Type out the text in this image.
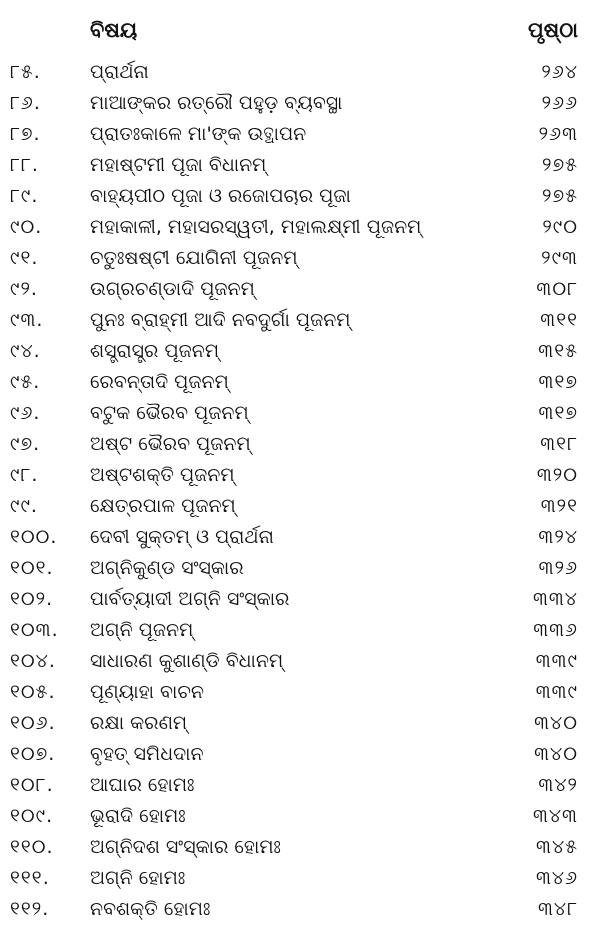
ବିଷୟ	ପୃଷ୍ଠା
୮୫.	ପ୍ରାର୍ଥନା	୨୬୪
୮୬.	ମାଆଙ୍କର ରତ୍ରୌ ପହୁଡ଼ ବ୍ୟବସ୍ଥା	୨୬୬
୮୭.	ପ୍ରାତଃକାଳେ ମା'ଙ୍କ ଉତ୍ଥାପନ	୨୬୩
୮୮.	ମହାଷ୍ଟମୀ ପୂଜା ବିଧାନମ୍	୨୭୫
୮୯.	ବାହ୍ୟପୀଠ ପୂଜା ଓ ରଜୋପଚାର ପୂଜା	୨୭୫
୯୦.	ମହାକାଳୀ, ମହାସରସ୍ୱତୀ, ମହାଲକ୍ଷ୍ମୀ ପୂଜନମ୍	୨୯୦
୯୧.	ଚତୁଃଷଷ୍ଟୀ ଯୋଗିନୀ ପୂଜନମ୍	୨୯୩
୯୨.	ଉଗ୍ରଚଣ୍ଡାଦି ପୂଜନମ୍	୩୦୮
୯୩. ପୁନଃ ବ୍ରାହ୍ମୀ ଆଦି ନବଦୁର୍ଗା ପୂଜନମ୍	୩୧୧
୯୪.	ଶସ୍ତ୍ରାସ୍ତ୍ର ପୂଜନମ୍	୩୧୫
୯୫.	ରେବନ୍ତାଦି ପୂଜନମ୍	୩୧୭
୯୬.	ବଟୁକ ଭୈରବ ପୂଜନମ୍	୩୧୭
୯୭.	ଅଷ୍ଟ ଭୈରବ ପୂଜନମ୍	୩୧୮
୯୮.	ଅଷ୍ଟଶକ୍ତି ପୂଜନମ୍	୩୨୦
୯୯.	କ୍ଷେତ୍ରପାଳ ପୂଜନମ୍	୩୨୧
୧୦୦. ଦେବୀ ସୁକ୍ତମ୍ ଓ ପ୍ରାର୍ଥନା	୩୨୪
୧୦୧. ଅଗ୍ନିକୁଣ୍ଡ ସଂସ୍କାର	୩୨୬
୧୦୨. ପାର୍ବତ୍ୟାଦୀ ଅଗ୍ନି ସଂସ୍କାର	୩୩୪
୧୦୩. ଅଗ୍ନି ପୂଜନମ୍	୩୩୬
୧୦୪. ସାଧାରଣ କୁଶାଣ୍ଡି ବିଧାନମ୍	୩୩୯
୧୦୫. ପୂଣ୍ୟାହା ବାଚନ	୩୩୯
୧୦୬. ରକ୍ଷା କରଣମ୍	୩୪୦
୧୦୭. ବୃହତ୍ ସମିଧଦାନ	୩୪୦
୧୦୮. ଆଘାର ହୋମଃ	୩୪୨
୧୦୯. ଭୂରାଦି ହୋମଃ	୩୪୩
୧୧୦. ଅଗ୍ନିଦଶ ସଂସ୍କାର ହୋମଃ	୩୪୫
୧୧୧. ଅଗ୍ନି ହୋମଃ	୩୪୬
୧୧୨. ନବଶକ୍ତି ହୋମଃ	୩୪୮
